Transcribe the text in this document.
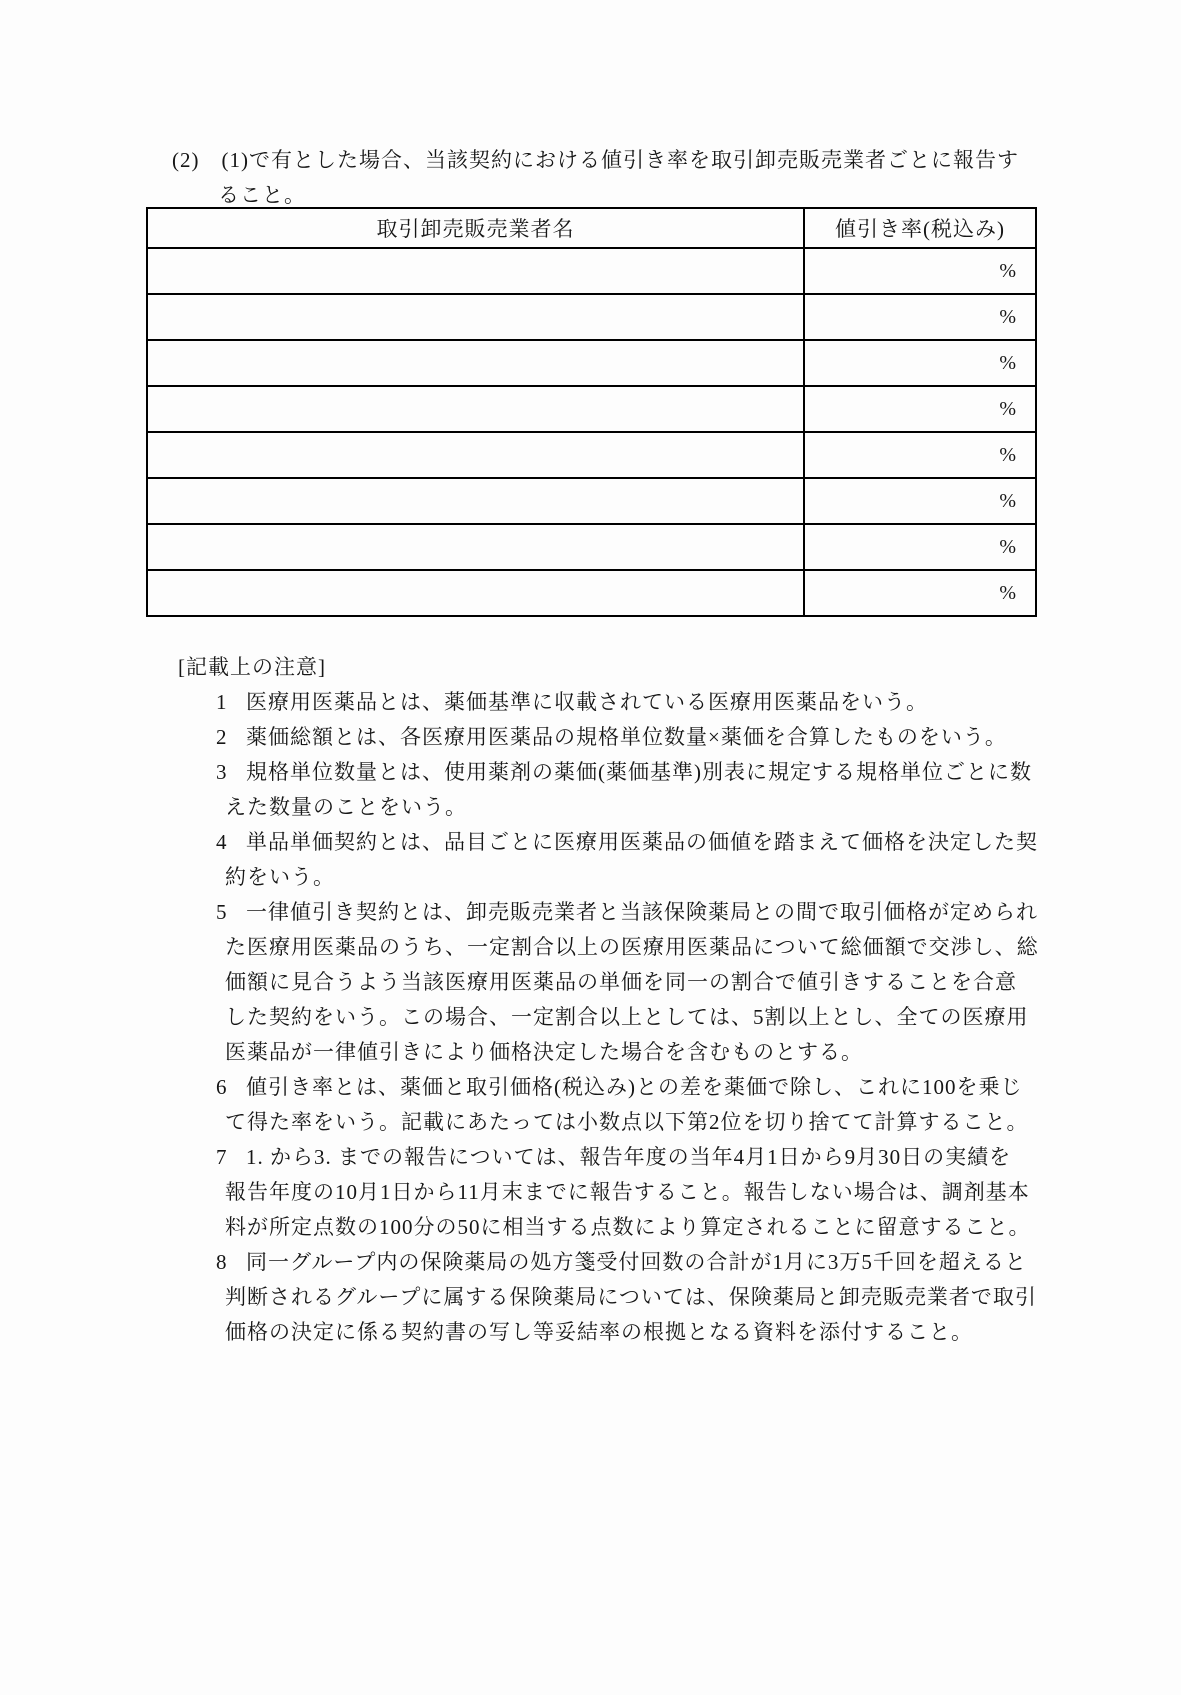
(2)　(1)で有とした場合、当該契約における値引き率を取引卸売販売業者ごとに報告す
ること。
取引卸売販売業者名	値引き率(税込み)
	%
	%
	%
	%
	%
	%
	%
	%
[記載上の注意]
1 医療用医薬品とは、薬価基準に収載されている医療用医薬品をいう。
2 薬価総額とは、各医療用医薬品の規格単位数量×薬価を合算したものをいう。
3 規格単位数量とは、使用薬剤の薬価(薬価基準)別表に規定する規格単位ごとに数
えた数量のことをいう。
4 単品単価契約とは、品目ごとに医療用医薬品の価値を踏まえて価格を決定した契
約をいう。
5 一律値引き契約とは、卸売販売業者と当該保険薬局との間で取引価格が定められ
た医療用医薬品のうち、一定割合以上の医療用医薬品について総価額で交渉し、総
価額に見合うよう当該医療用医薬品の単価を同一の割合で値引きすることを合意
した契約をいう。この場合、一定割合以上としては、5割以上とし、全ての医療用
医薬品が一律値引きにより価格決定した場合を含むものとする。
6 値引き率とは、薬価と取引価格(税込み)との差を薬価で除し、これに100を乗じ
て得た率をいう。記載にあたっては小数点以下第2位を切り捨てて計算すること。
7 1. から3. までの報告については、報告年度の当年4月1日から9月30日の実績を
報告年度の10月1日から11月末までに報告すること。報告しない場合は、調剤基本
料が所定点数の100分の50に相当する点数により算定されることに留意すること。
8 同一グループ内の保険薬局の処方箋受付回数の合計が1月に3万5千回を超えると
判断されるグループに属する保険薬局については、保険薬局と卸売販売業者で取引
価格の決定に係る契約書の写し等妥結率の根拠となる資料を添付すること。
